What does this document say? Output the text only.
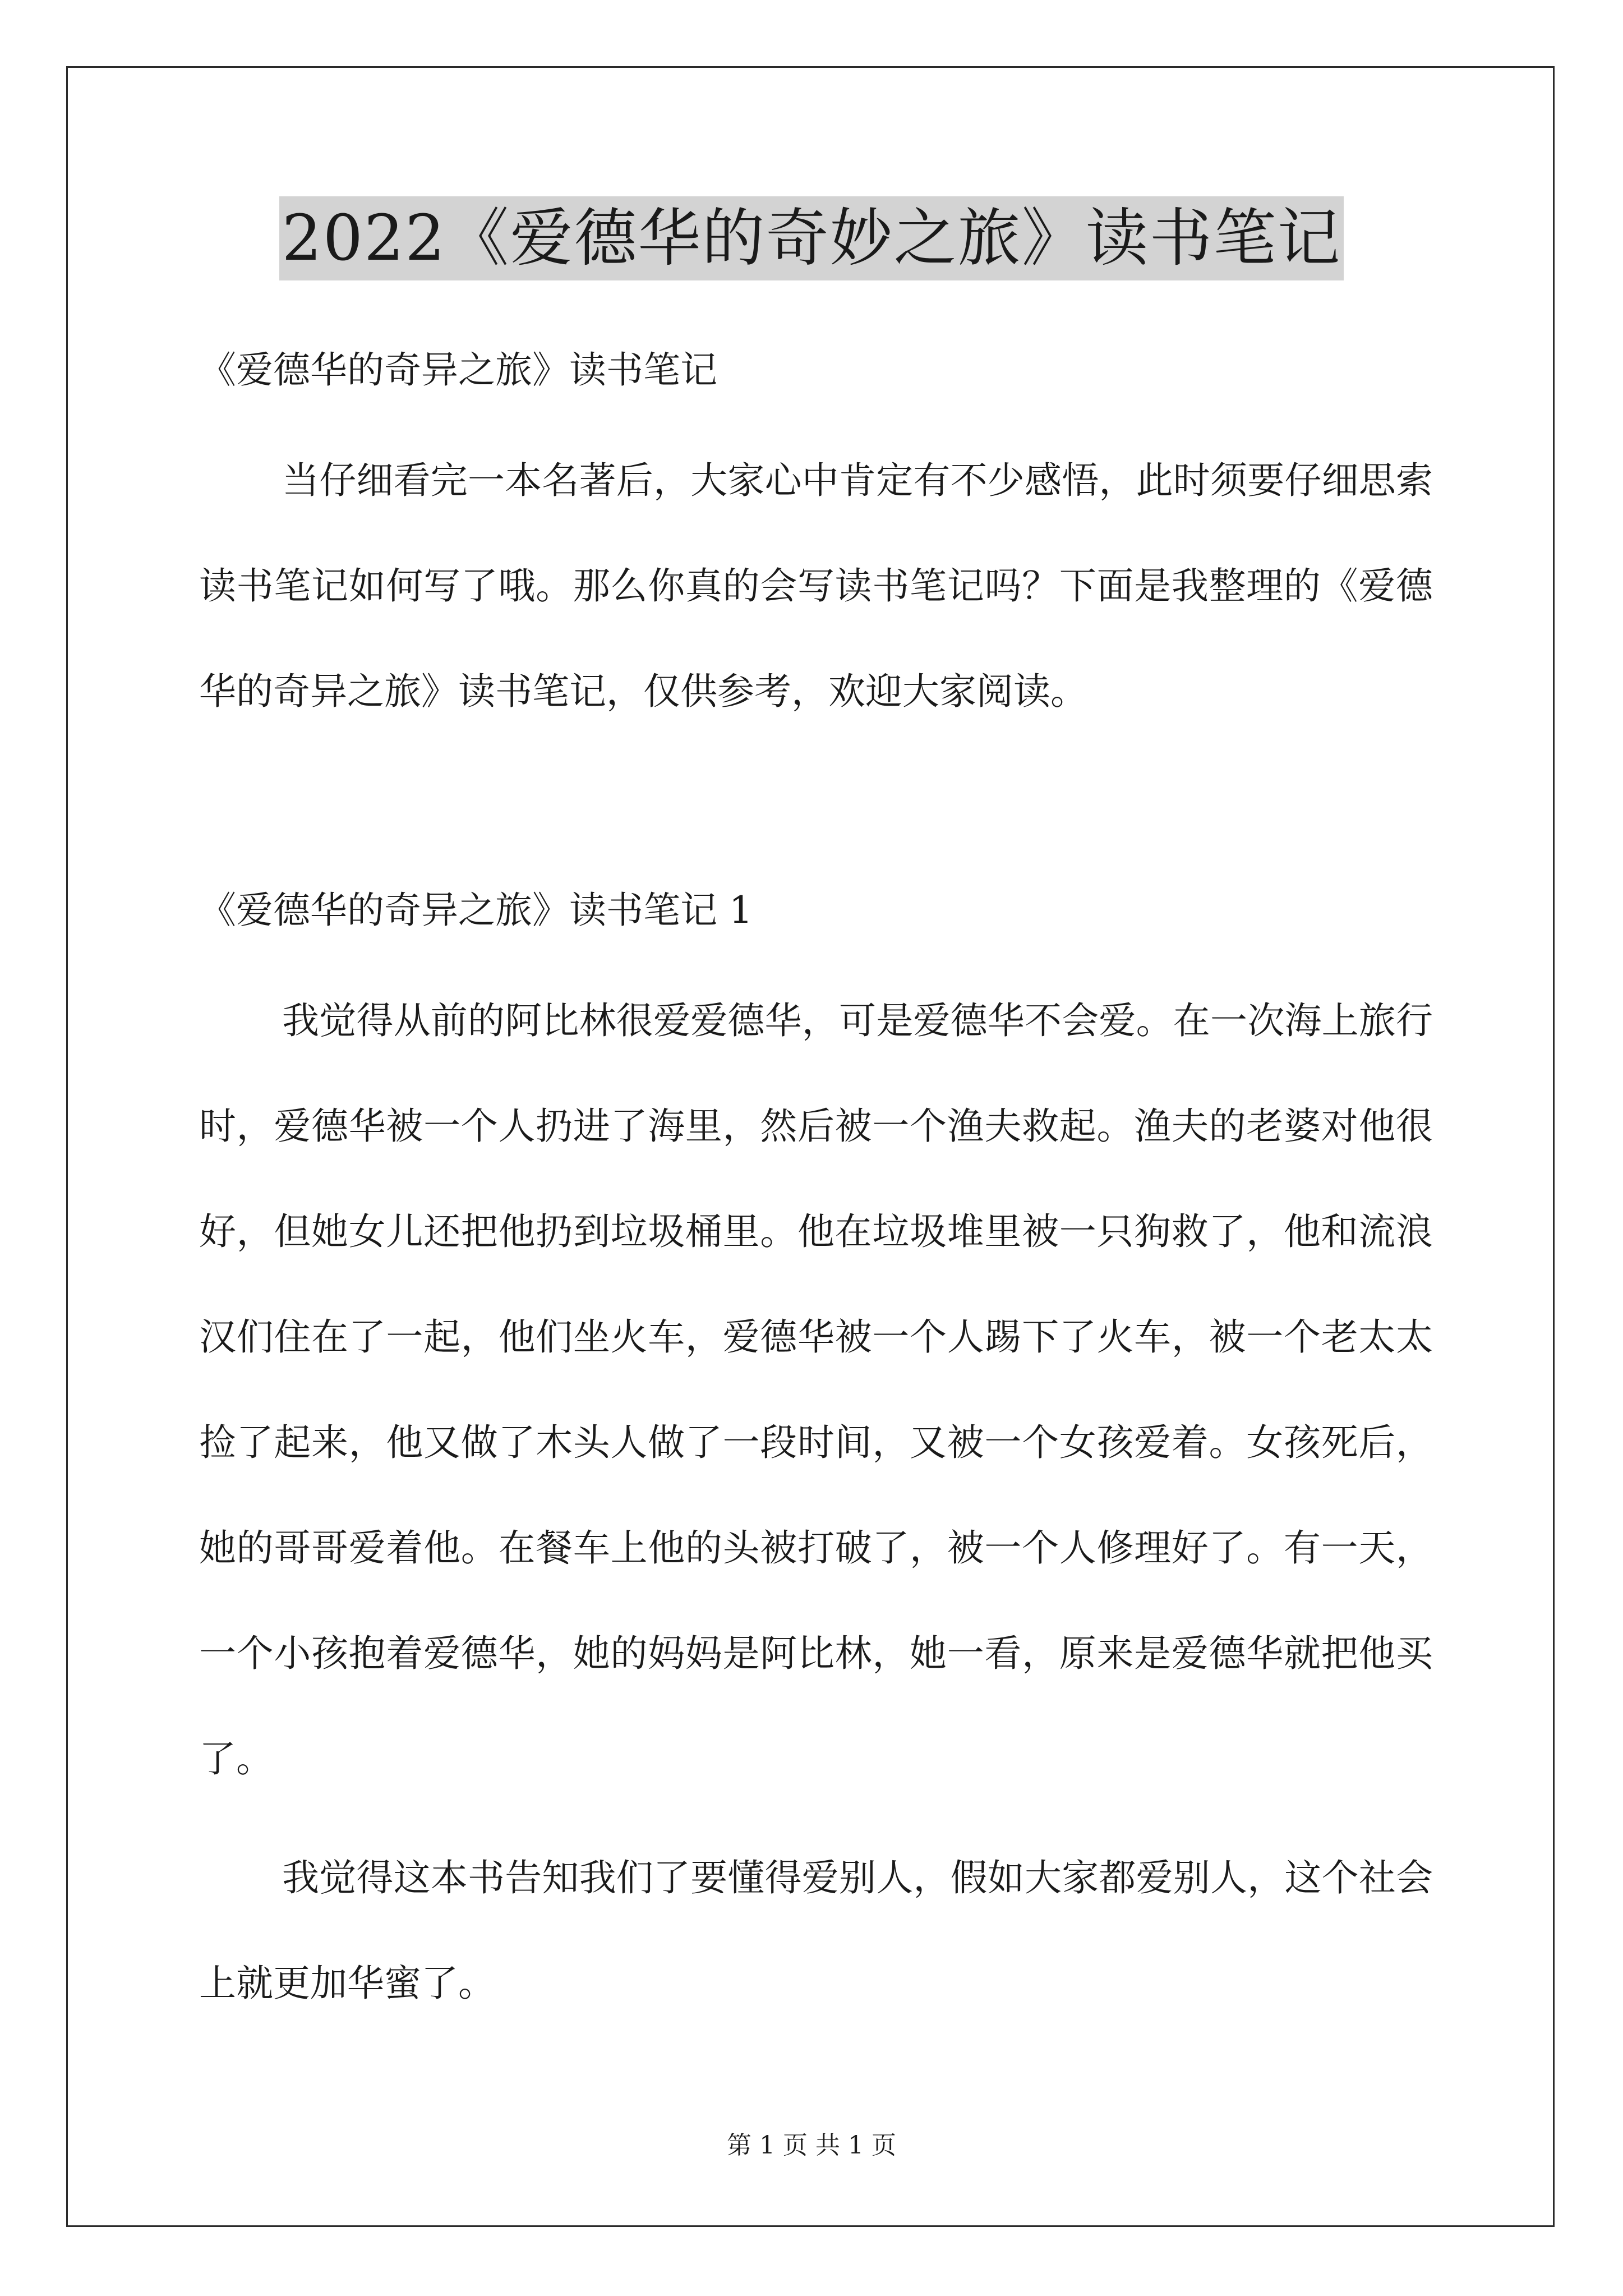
2022《爱德华的奇妙之旅》读书笔记
《爱德华的奇异之旅》读书笔记

当仔细看完一本名著后，大家心中肯定有不少感悟，此时须要仔细思索读书笔记如何写了哦。那么你真的会写读书笔记吗？下面是我整理的《爱德华的奇异之旅》读书笔记，仅供参考，欢迎大家阅读。

《爱德华的奇异之旅》读书笔记 1

我觉得从前的阿比林很爱爱德华，可是爱德华不会爱。在一次海上旅行时，爱德华被一个人扔进了海里，然后被一个渔夫救起。渔夫的老婆对他很好，但她女儿还把他扔到垃圾桶里。他在垃圾堆里被一只狗救了，他和流浪汉们住在了一起，他们坐火车，爱德华被一个人踢下了火车，被一个老太太捡了起来，他又做了木头人做了一段时间，又被一个女孩爱着。女孩死后，她的哥哥爱着他。在餐车上他的头被打破了，被一个人修理好了。有一天，一个小孩抱着爱德华，她的妈妈是阿比林，她一看，原来是爱德华就把他买了。

我觉得这本书告知我们了要懂得爱别人，假如大家都爱别人，这个社会上就更加华蜜了。

第 1 页 共 1 页
